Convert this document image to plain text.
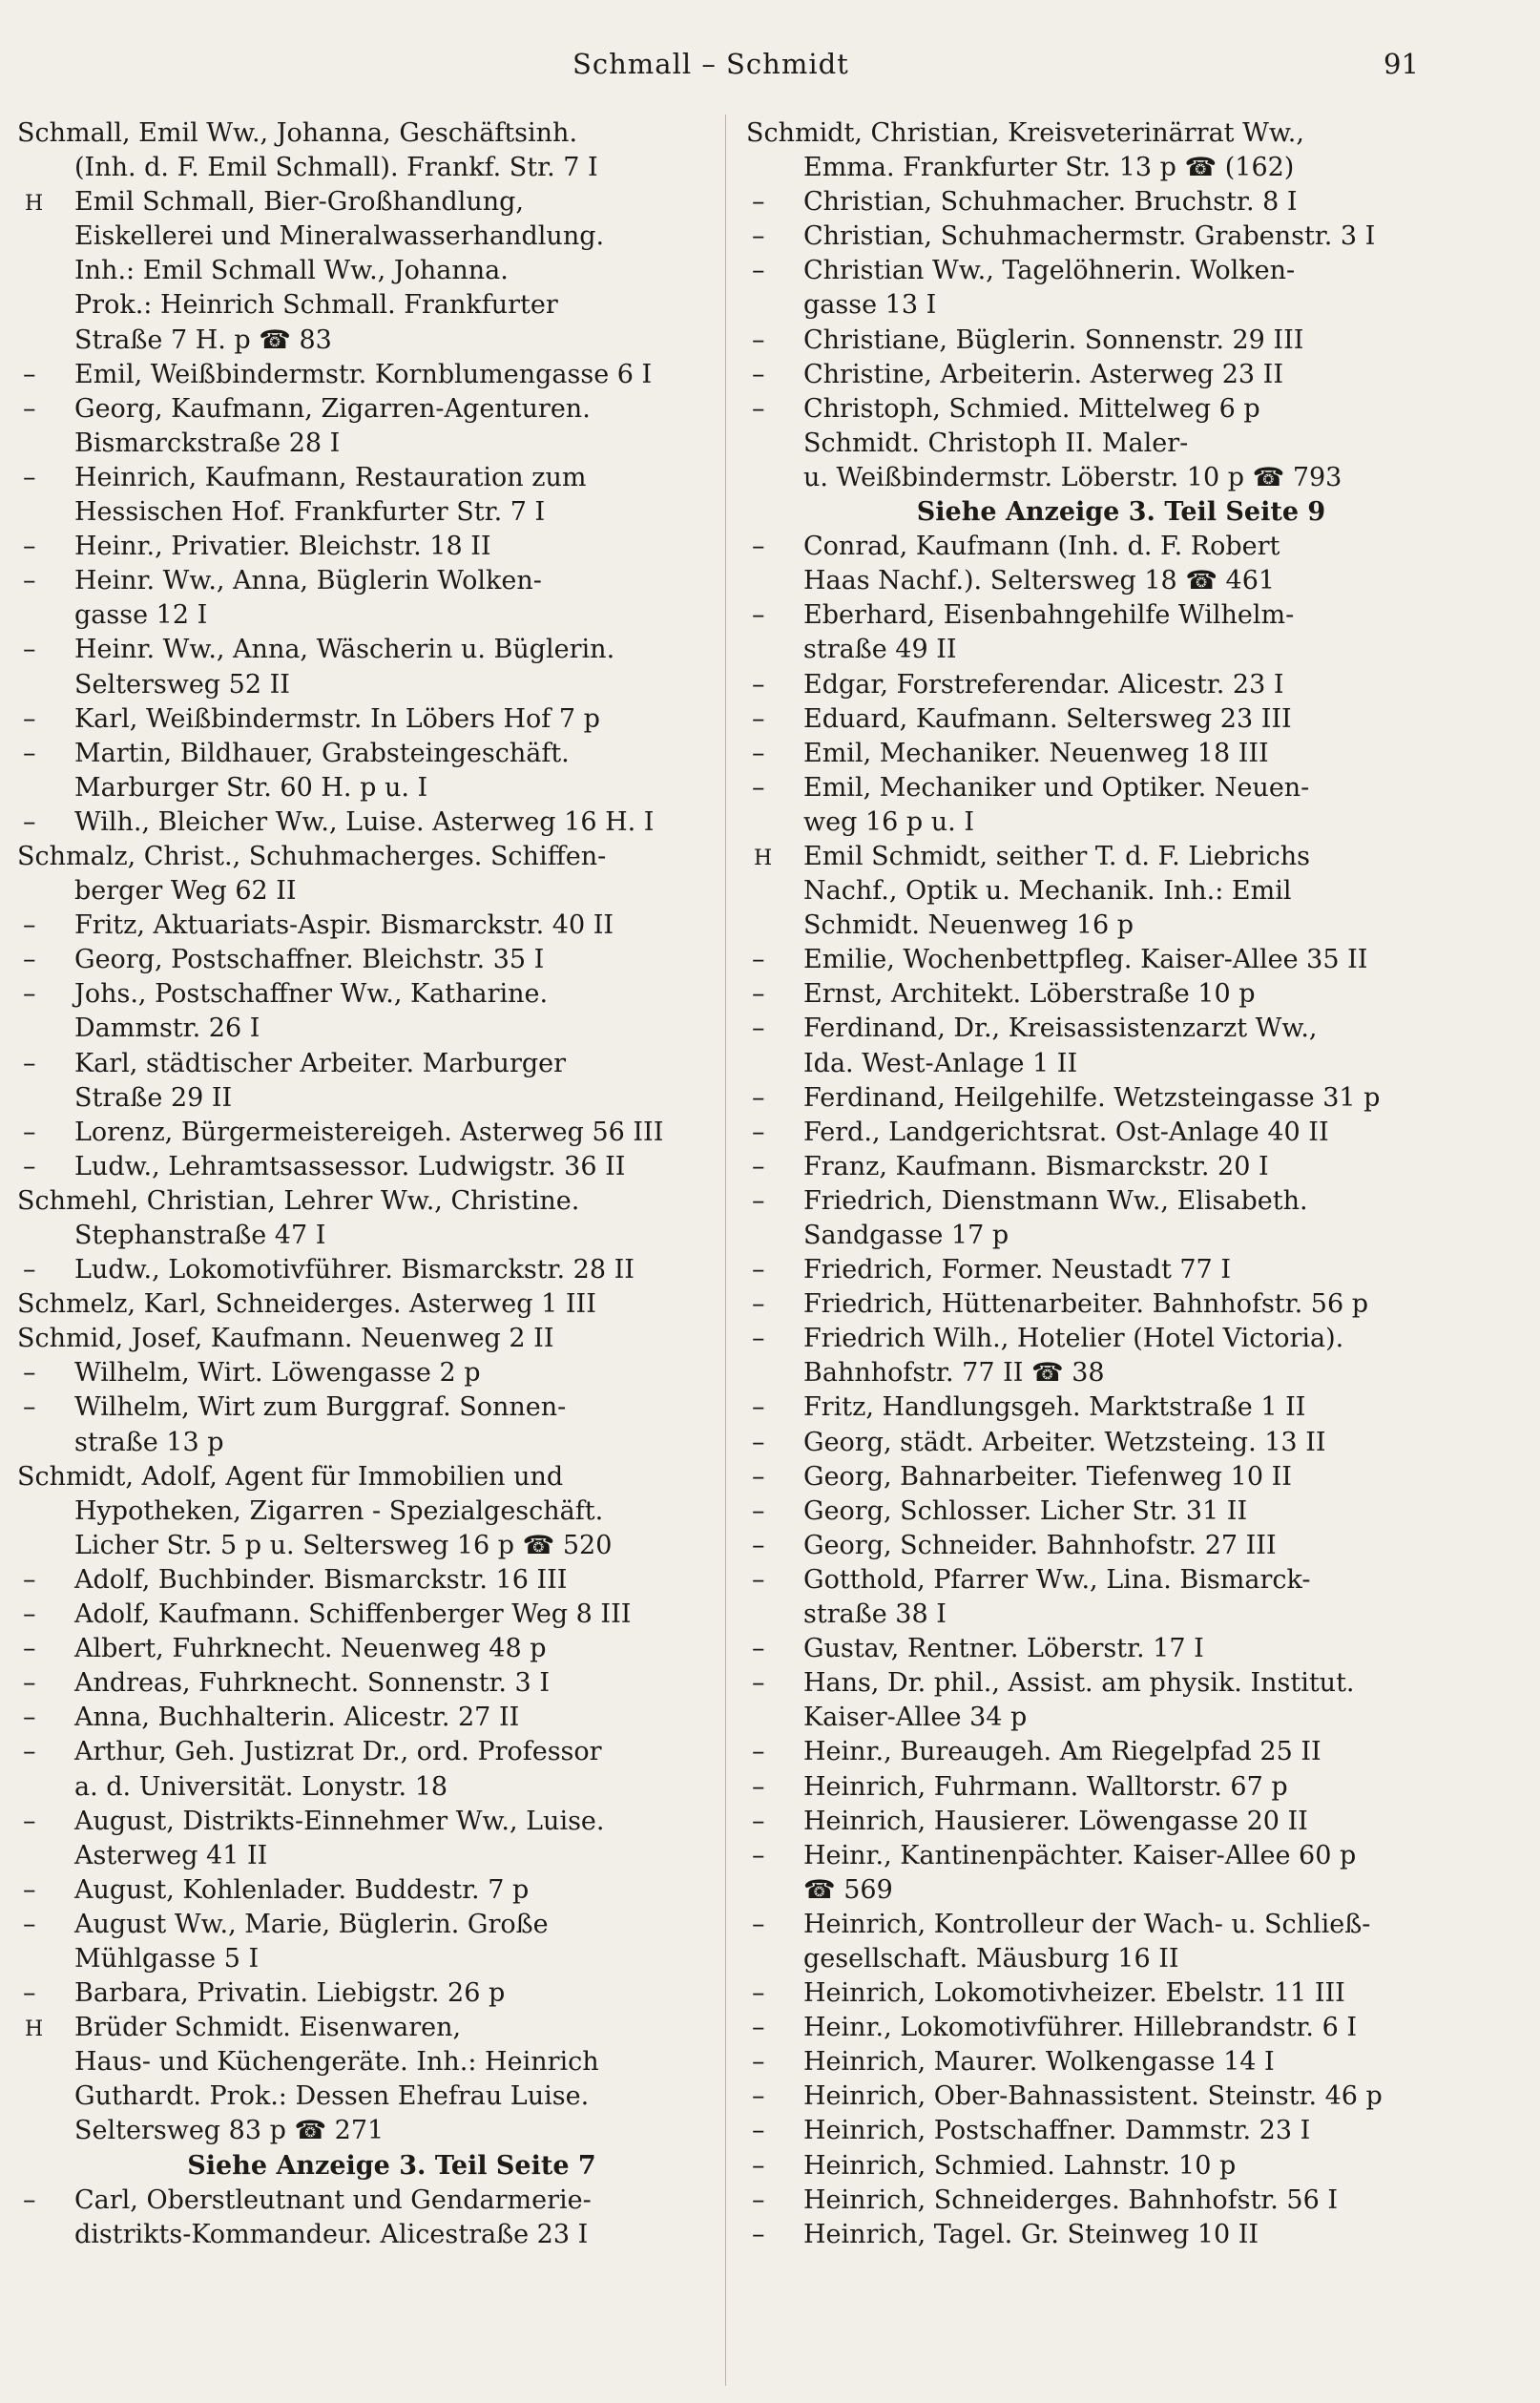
Schmall – Schmidt	91
Schmall, Emil Ww., Johanna, Geschäftsinh.
(Inh. d. F. Emil Schmall). Frankf. Str. 7 I
H Emil Schmall, Bier-Großhandlung,
Eiskellerei und Mineralwasserhandlung.
Inh.: Emil Schmall Ww., Johanna.
Prok.: Heinrich Schmall. Frankfurter
Straße 7 H. p ☎ 83
– Emil, Weißbindermstr. Kornblumengasse 6 I
– Georg, Kaufmann, Zigarren-Agenturen.
Bismarckstraße 28 I
– Heinrich, Kaufmann, Restauration zum
Hessischen Hof. Frankfurter Str. 7 I
– Heinr., Privatier. Bleichstr. 18 II
– Heinr. Ww., Anna, Büglerin Wolken-
gasse 12 I
– Heinr. Ww., Anna, Wäscherin u. Büglerin.
Seltersweg 52 II
– Karl, Weißbindermstr. In Löbers Hof 7 p
– Martin, Bildhauer, Grabsteingeschäft.
Marburger Str. 60 H. p u. I
– Wilh., Bleicher Ww., Luise. Asterweg 16 H. I
Schmalz, Christ., Schuhmacherges. Schiffen-
berger Weg 62 II
– Fritz, Aktuariats-Aspir. Bismarckstr. 40 II
– Georg, Postschaffner. Bleichstr. 35 I
– Johs., Postschaffner Ww., Katharine.
Dammstr. 26 I
– Karl, städtischer Arbeiter. Marburger
Straße 29 II
– Lorenz, Bürgermeistereigeh. Asterweg 56 III
– Ludw., Lehramtsassessor. Ludwigstr. 36 II
Schmehl, Christian, Lehrer Ww., Christine.
Stephanstraße 47 I
– Ludw., Lokomotivführer. Bismarckstr. 28 II
Schmelz, Karl, Schneiderges. Asterweg 1 III
Schmid, Josef, Kaufmann. Neuenweg 2 II
– Wilhelm, Wirt. Löwengasse 2 p
– Wilhelm, Wirt zum Burggraf. Sonnen-
straße 13 p
Schmidt, Adolf, Agent für Immobilien und
Hypotheken, Zigarren - Spezialgeschäft.
Licher Str. 5 p u. Seltersweg 16 p ☎ 520
– Adolf, Buchbinder. Bismarckstr. 16 III
– Adolf, Kaufmann. Schiffenberger Weg 8 III
– Albert, Fuhrknecht. Neuenweg 48 p
– Andreas, Fuhrknecht. Sonnenstr. 3 I
– Anna, Buchhalterin. Alicestr. 27 II
– Arthur, Geh. Justizrat Dr., ord. Professor
a. d. Universität. Lonystr. 18
– August, Distrikts-Einnehmer Ww., Luise.
Asterweg 41 II
– August, Kohlenlader. Buddestr. 7 p
– August Ww., Marie, Büglerin. Große
Mühlgasse 5 I
– Barbara, Privatin. Liebigstr. 26 p
H Brüder Schmidt. Eisenwaren,
Haus- und Küchengeräte. Inh.: Heinrich
Guthardt. Prok.: Dessen Ehefrau Luise.
Seltersweg 83 p ☎ 271
Siehe Anzeige 3. Teil Seite 7
– Carl, Oberstleutnant und Gendarmerie-
distrikts-Kommandeur. Alicestraße 23 I
Schmidt, Christian, Kreisveterinärrat Ww.,
Emma. Frankfurter Str. 13 p ☎ (162)
– Christian, Schuhmacher. Bruchstr. 8 I
– Christian, Schuhmachermstr. Grabenstr. 3 I
– Christian Ww., Tagelöhnerin. Wolken-
gasse 13 I
– Christiane, Büglerin. Sonnenstr. 29 III
– Christine, Arbeiterin. Asterweg 23 II
– Christoph, Schmied. Mittelweg 6 p
Schmidt. Christoph II. Maler-
u. Weißbindermstr. Löberstr. 10 p ☎ 793
Siehe Anzeige 3. Teil Seite 9
– Conrad, Kaufmann (Inh. d. F. Robert
Haas Nachf.). Seltersweg 18 ☎ 461
– Eberhard, Eisenbahngehilfe Wilhelm-
straße 49 II
– Edgar, Forstreferendar. Alicestr. 23 I
– Eduard, Kaufmann. Seltersweg 23 III
– Emil, Mechaniker. Neuenweg 18 III
– Emil, Mechaniker und Optiker. Neuen-
weg 16 p u. I
H Emil Schmidt, seither T. d. F. Liebrichs
Nachf., Optik u. Mechanik. Inh.: Emil
Schmidt. Neuenweg 16 p
– Emilie, Wochenbettpfleg. Kaiser-Allee 35 II
– Ernst, Architekt. Löberstraße 10 p
– Ferdinand, Dr., Kreisassistenzarzt Ww.,
Ida. West-Anlage 1 II
– Ferdinand, Heilgehilfe. Wetzsteingasse 31 p
– Ferd., Landgerichtsrat. Ost-Anlage 40 II
– Franz, Kaufmann. Bismarckstr. 20 I
– Friedrich, Dienstmann Ww., Elisabeth.
Sandgasse 17 p
– Friedrich, Former. Neustadt 77 I
– Friedrich, Hüttenarbeiter. Bahnhofstr. 56 p
– Friedrich Wilh., Hotelier (Hotel Victoria).
Bahnhofstr. 77 II ☎ 38
– Fritz, Handlungsgeh. Marktstraße 1 II
– Georg, städt. Arbeiter. Wetzsteing. 13 II
– Georg, Bahnarbeiter. Tiefenweg 10 II
– Georg, Schlosser. Licher Str. 31 II
– Georg, Schneider. Bahnhofstr. 27 III
– Gotthold, Pfarrer Ww., Lina. Bismarck-
straße 38 I
– Gustav, Rentner. Löberstr. 17 I
– Hans, Dr. phil., Assist. am physik. Institut.
Kaiser-Allee 34 p
– Heinr., Bureaugeh. Am Riegelpfad 25 II
– Heinrich, Fuhrmann. Walltorstr. 67 p
– Heinrich, Hausierer. Löwengasse 20 II
– Heinr., Kantinenpächter. Kaiser-Allee 60 p
☎ 569
– Heinrich, Kontrolleur der Wach- u. Schließ-
gesellschaft. Mäusburg 16 II
– Heinrich, Lokomotivheizer. Ebelstr. 11 III
– Heinr., Lokomotivführer. Hillebrandstr. 6 I
– Heinrich, Maurer. Wolkengasse 14 I
– Heinrich, Ober-Bahnassistent. Steinstr. 46 p
– Heinrich, Postschaffner. Dammstr. 23 I
– Heinrich, Schmied. Lahnstr. 10 p
– Heinrich, Schneiderges. Bahnhofstr. 56 I
– Heinrich, Tagel. Gr. Steinweg 10 II
